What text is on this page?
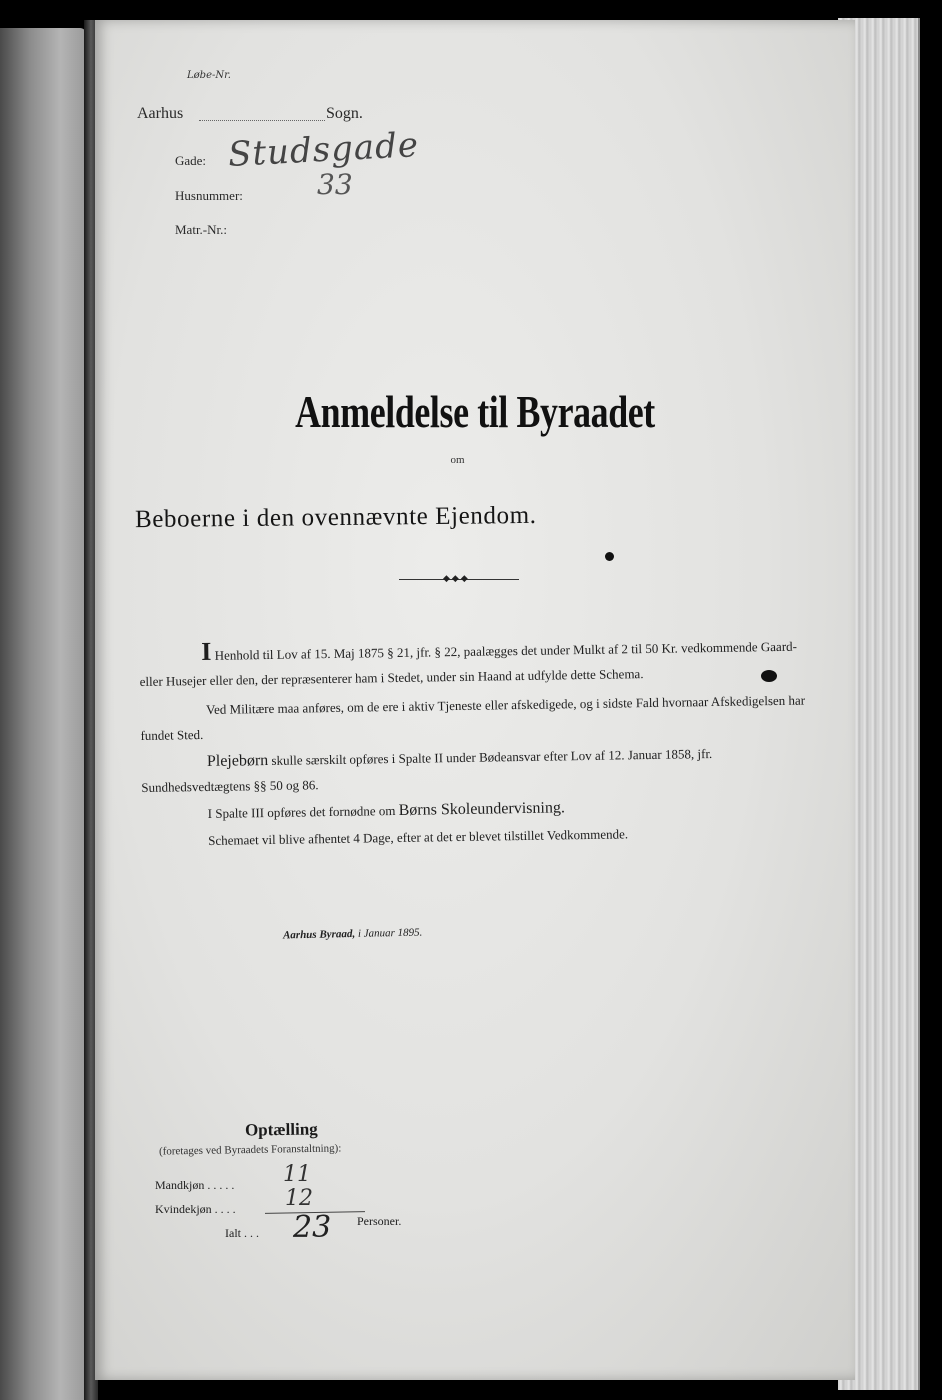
Løbe-Nr.
Aarhus	Sogn.
Gade: Studsgade
Husnummer:	33
Matr.-Nr.:
Anmeldelse til Byraadet
om
Beboerne i den ovennævnte Ejendom.
◆◆◆

I Henhold til Lov af 15. Maj 1875 § 21, jfr. § 22, paalægges det under Mulkt af 2 til 50 Kr. vedkommende Gaard- eller Husejer eller den, der repræsenterer ham i Stedet, under sin Haand at udfylde dette Schema.

Ved Militære maa anføres, om de ere i aktiv Tjeneste eller afskedigede, og i sidste Fald hvornaar Afskedigelsen har fundet Sted.

Plejebørn skulle særskilt opføres i Spalte II under Bødeansvar efter Lov af 12. Januar 1858, jfr. Sundhedsvedtægtens §§ 50 og 86.

I Spalte III opføres det fornødne om Børns Skoleundervisning.

Schemaet vil blive afhentet 4 Dage, efter at det er blevet tilstillet Vedkommende.

Aarhus Byraad, i Januar 1895.
Optælling
(foretages ved Byraadets Foranstaltning):
Mandkjøn . . . . . 11
Kvindekjøn . . . . 12
Ialt . . . 23 Personer.
